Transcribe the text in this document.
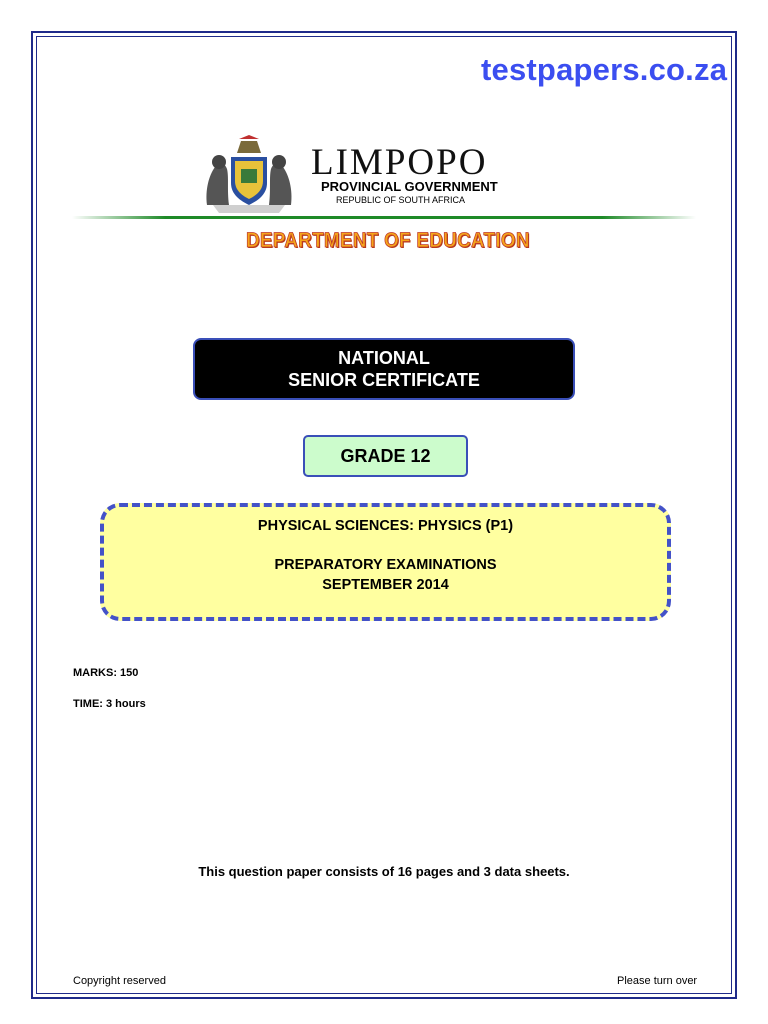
testpapers.co.za
LIMPOPO
PROVINCIAL GOVERNMENT
REPUBLIC OF SOUTH AFRICA
DEPARTMENT OF EDUCATION
NATIONAL
SENIOR CERTIFICATE
GRADE 12
PHYSICAL SCIENCES: PHYSICS (P1)
PREPARATORY EXAMINATIONS
SEPTEMBER 2014
MARKS: 150
TIME: 3 hours
This question paper consists of 16 pages and 3 data sheets.
Copyright reserved	Please turn over
